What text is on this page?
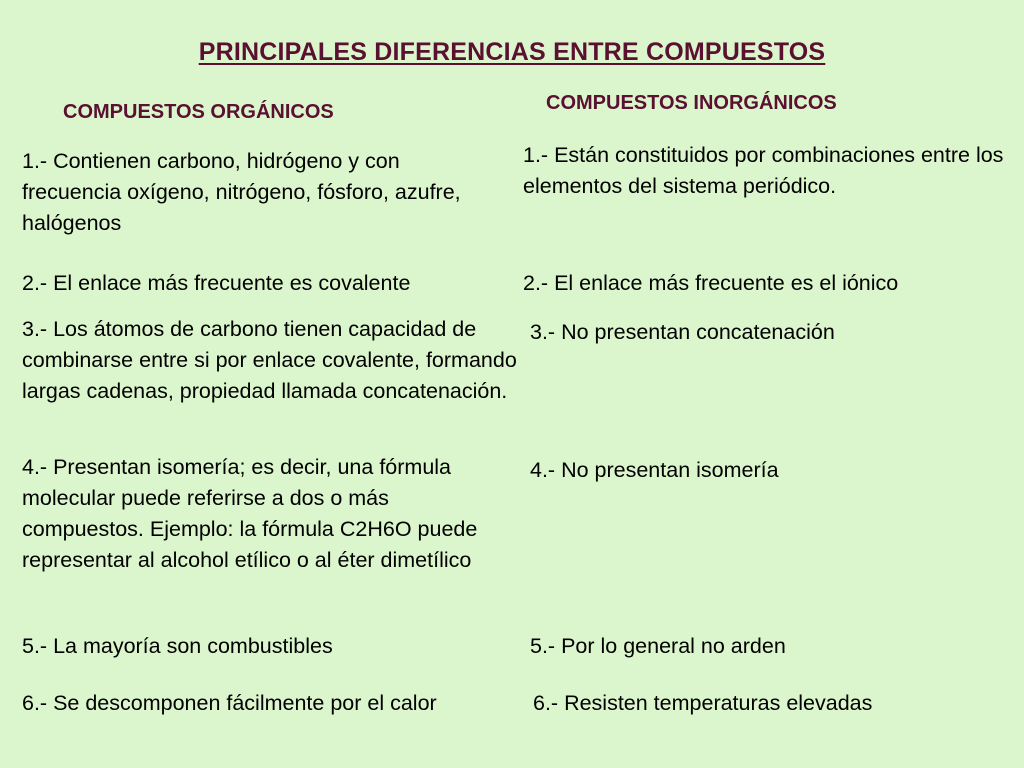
PRINCIPALES DIFERENCIAS ENTRE COMPUESTOS
COMPUESTOS ORGÁNICOS	COMPUESTOS INORGÁNICOS
1.- Contienen carbono, hidrógeno y con frecuencia oxígeno, nitrógeno, fósforo, azufre, halógenos
2.- El enlace más frecuente es covalente
3.- Los átomos de carbono tienen capacidad de combinarse entre si por enlace covalente, formando largas cadenas, propiedad llamada concatenación.
4.- Presentan isomería; es decir, una fórmula molecular puede referirse a dos o más compuestos. Ejemplo: la fórmula C2H6O puede representar al alcohol etílico o al éter dimetílico
5.- La mayoría son combustibles
6.- Se descomponen fácilmente por el calor
1.- Están constituidos por combinaciones entre los elementos del sistema periódico.
2.- El enlace más frecuente es el iónico
3.- No presentan concatenación
4.- No presentan isomería
5.- Por lo general no arden
6.- Resisten temperaturas elevadas
